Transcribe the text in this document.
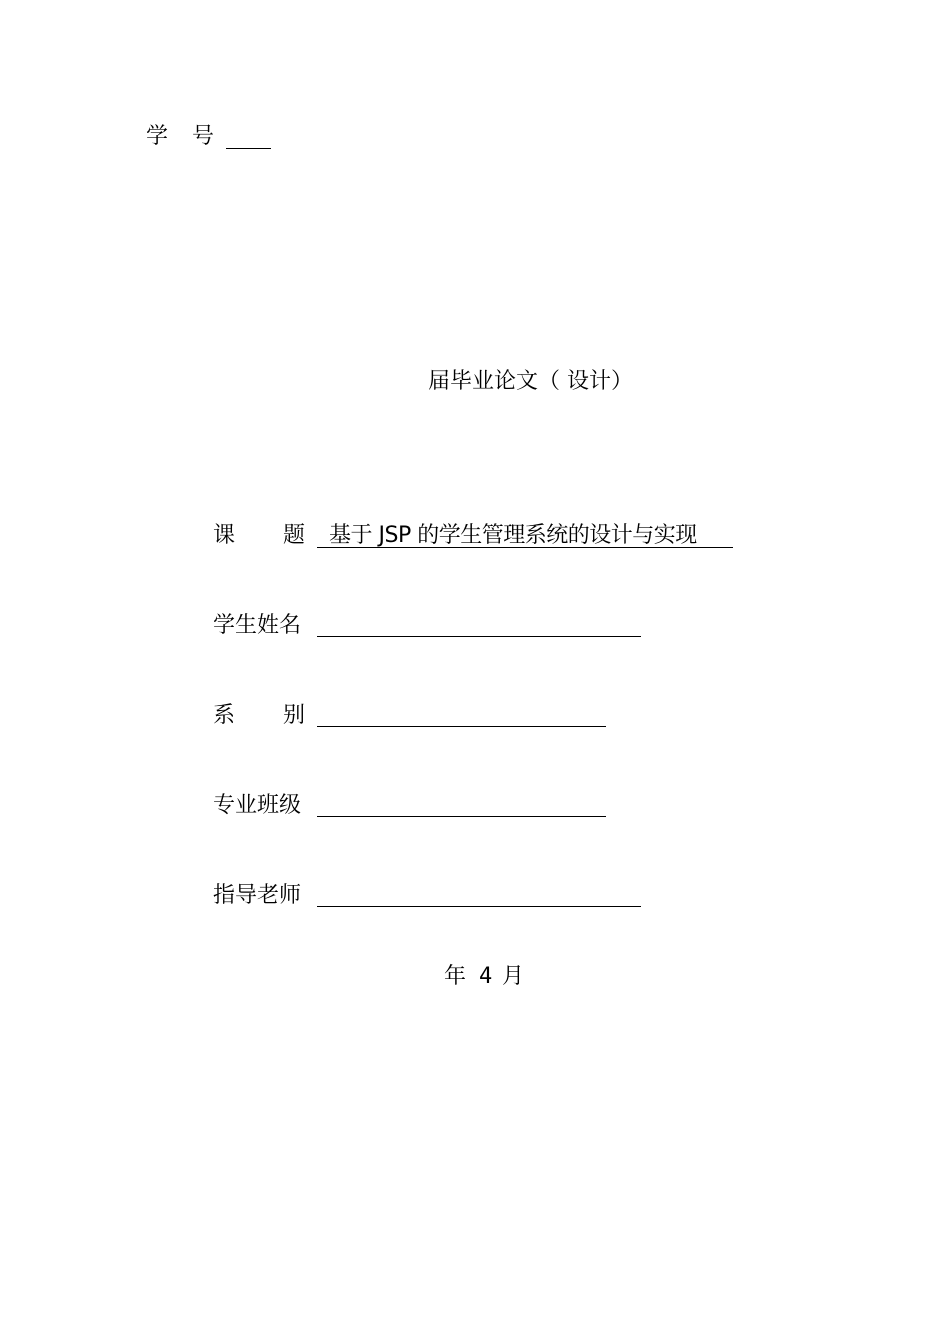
学 号
届毕业论文（ 设计）
课 题 基于 JSP 的学生管理系统的设计与实现
学生姓名
系 别
专业班级
指导老师
年 4 月
